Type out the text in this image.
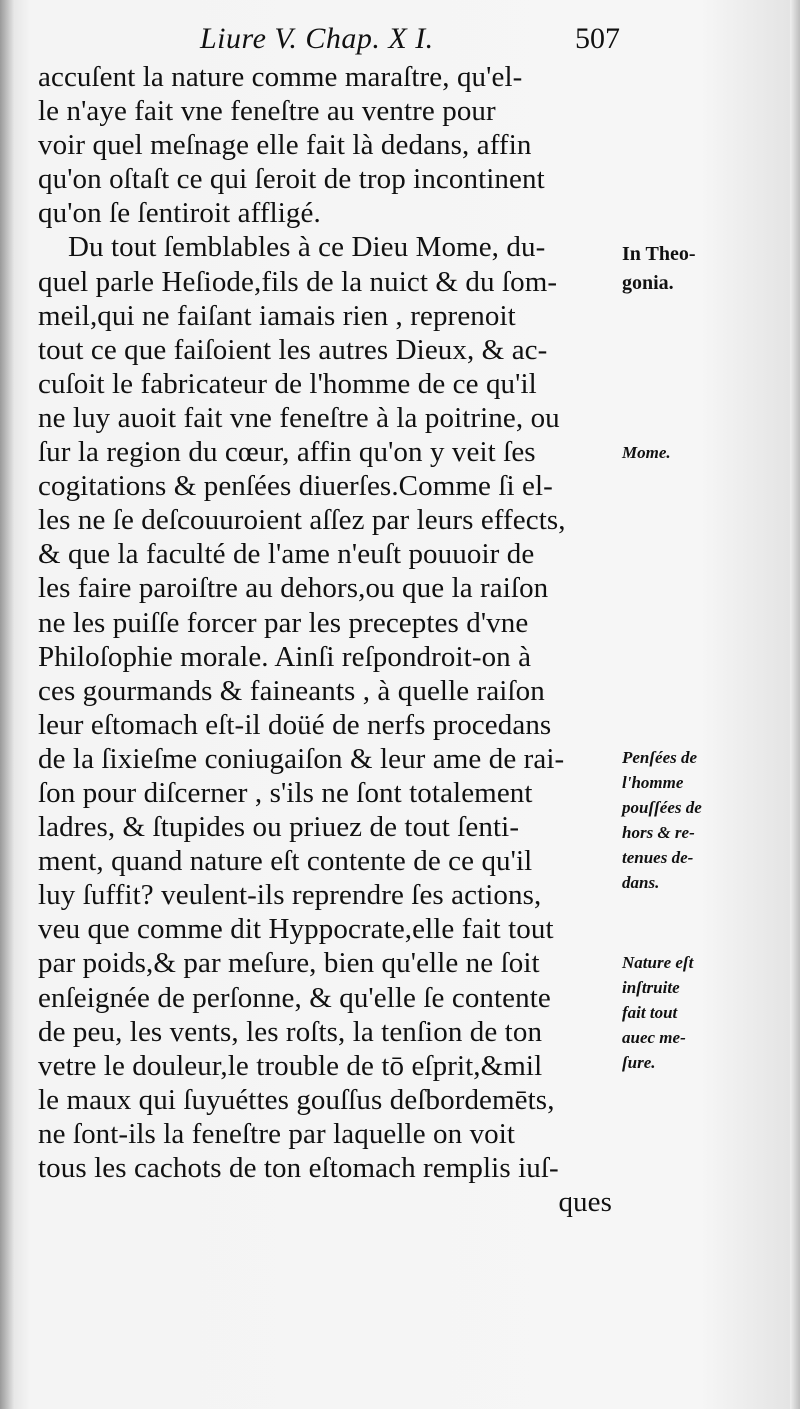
Liure V. Chap. X I.	507
accuſent la nature comme maraſtre, qu'el-
le n'aye fait vne feneſtre au ventre pour
voir quel meſnage elle fait là dedans, affin
qu'on oſtaſt ce qui ſeroit de trop incontinent
qu'on ſe ſentiroit affligé.
Du tout ſemblables à ce Dieu Mome, du-
quel parle Heſiode,fils de la nuict & du ſom-
meil,qui ne faiſant iamais rien , reprenoit
tout ce que faiſoient les autres Dieux, & ac-
cuſoit le fabricateur de l'homme de ce qu'il
ne luy auoit fait vne feneſtre à la poitrine, ou
ſur la region du cœur, affin qu'on y veit ſes
cogitations & penſées diuerſes.Comme ſi el-
les ne ſe deſcouuroient aſſez par leurs effects,
& que la faculté de l'ame n'euſt pouuoir de
les faire paroiſtre au dehors,ou que la raiſon
ne les puiſſe forcer par les preceptes d'vne
Philoſophie morale. Ainſi reſpondroit-on à
ces gourmands & faineants , à quelle raiſon
leur eſtomach eſt-il doüé de nerfs procedans
de la ſixieſme coniugaiſon & leur ame de rai-
ſon pour diſcerner , s'ils ne ſont totalement
ladres, & ſtupides ou priuez de tout ſenti-
ment, quand nature eſt contente de ce qu'il
luy ſuffit? veulent-ils reprendre ſes actions,
veu que comme dit Hyppocrate,elle fait tout
par poids,& par meſure, bien qu'elle ne ſoit
enſeignée de perſonne, & qu'elle ſe contente
de peu, les vents, les roſts, la tenſion de ton
vetre le douleur,le trouble de tō eſprit,&mil
le maux qui ſuyuéttes gouſſus deſbordemēts,
ne ſont-ils la feneſtre par laquelle on voit
tous les cachots de ton eſtomach remplis iuſ-
ques
In Theo-
gonia.
Mome.
Penſées de
l'homme
pouſſées de
hors & re-
tenues de-
dans.
Nature eſt
inſtruite
fait tout
auec me-
ſure.
